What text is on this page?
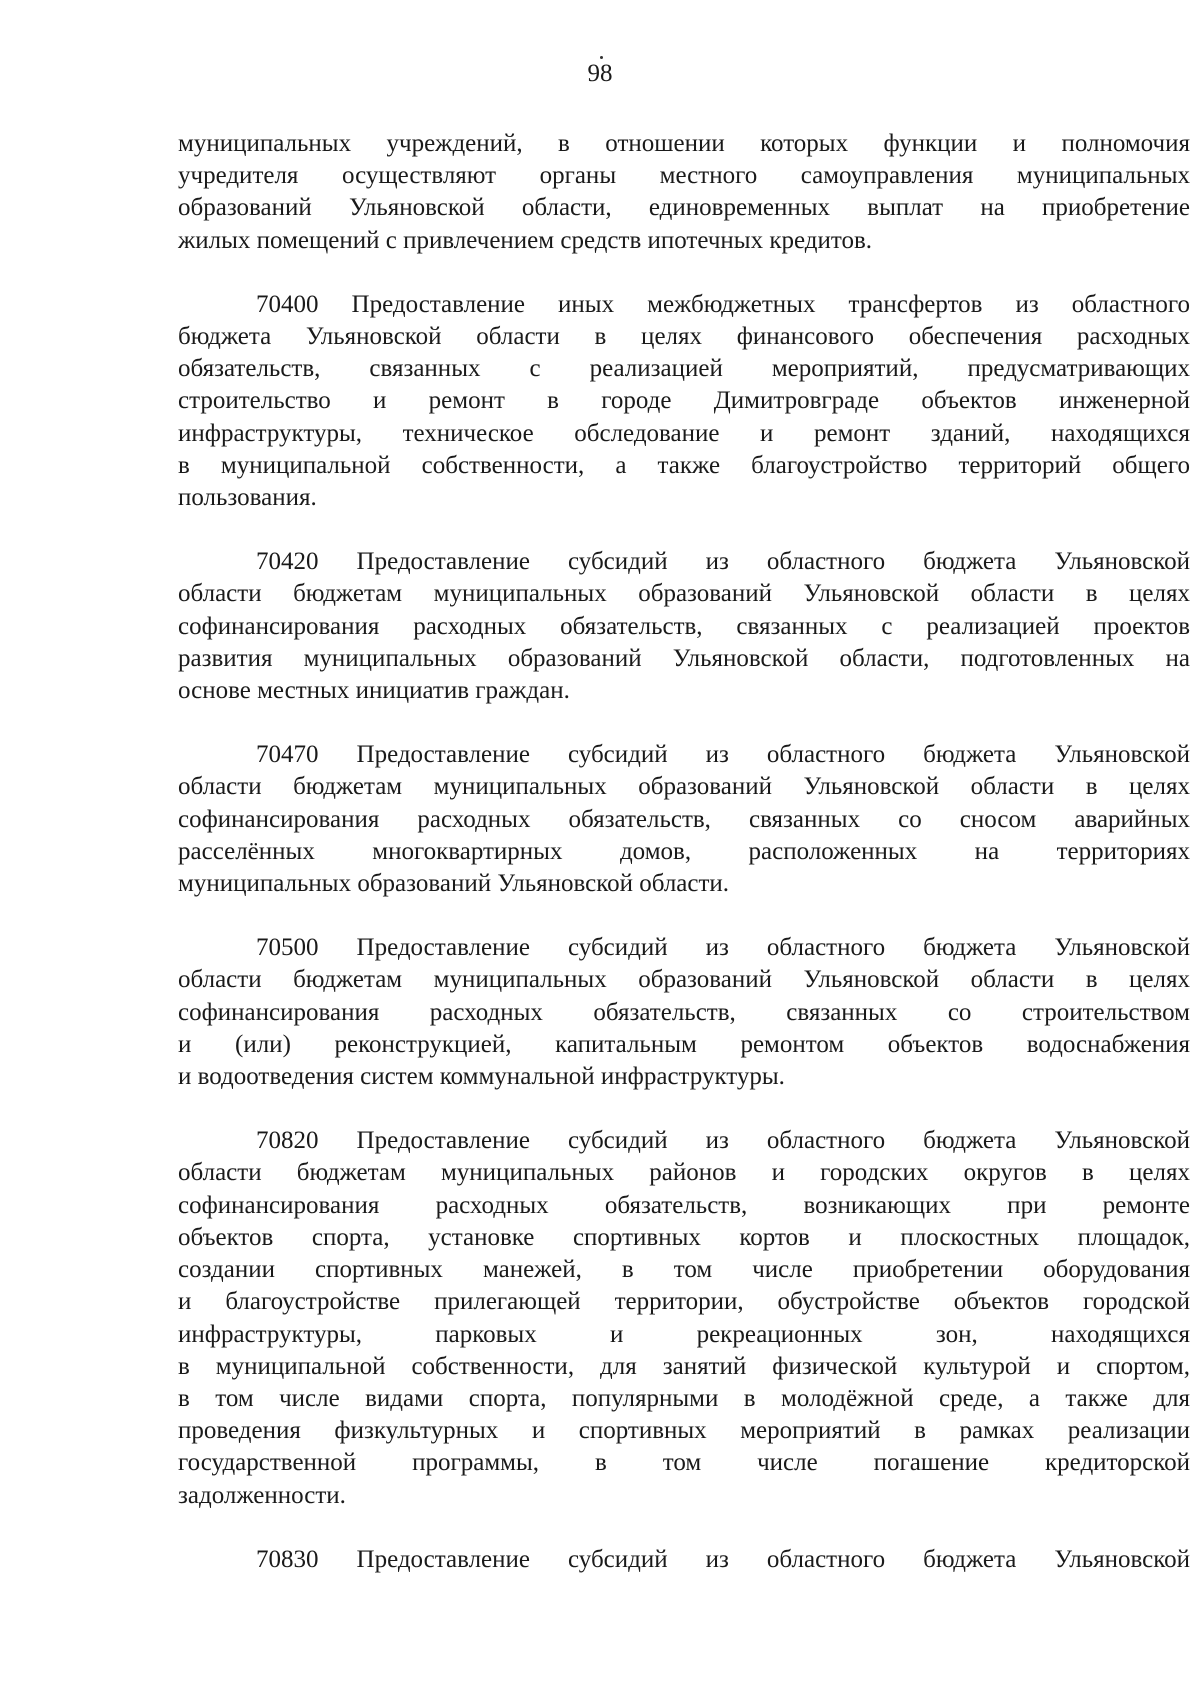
98
муниципальных учреждений, в отношении которых функции и полномочия
учредителя осуществляют органы местного самоуправления муниципальных
образований Ульяновской области, единовременных выплат на приобретение
жилых помещений с привлечением средств ипотечных кредитов.
70400 Предоставление иных межбюджетных трансфертов из областного
бюджета Ульяновской области в целях финансового обеспечения расходных
обязательств, связанных с реализацией мероприятий, предусматривающих
строительство и ремонт в городе Димитровграде объектов инженерной
инфраструктуры, техническое обследование и ремонт зданий, находящихся
в муниципальной собственности, а также благоустройство территорий общего
пользования.
70420 Предоставление субсидий из областного бюджета Ульяновской
области бюджетам муниципальных образований Ульяновской области в целях
софинансирования расходных обязательств, связанных с реализацией проектов
развития муниципальных образований Ульяновской области, подготовленных на
основе местных инициатив граждан.
70470 Предоставление субсидий из областного бюджета Ульяновской
области бюджетам муниципальных образований Ульяновской области в целях
софинансирования расходных обязательств, связанных со сносом аварийных
расселённых многоквартирных домов, расположенных на территориях
муниципальных образований Ульяновской области.
70500 Предоставление субсидий из областного бюджета Ульяновской
области бюджетам муниципальных образований Ульяновской области в целях
софинансирования расходных обязательств, связанных со строительством
и (или) реконструкцией, капитальным ремонтом объектов водоснабжения
и водоотведения систем коммунальной инфраструктуры.
70820 Предоставление субсидий из областного бюджета Ульяновской
области бюджетам муниципальных районов и городских округов в целях
софинансирования расходных обязательств, возникающих при ремонте
объектов спорта, установке спортивных кортов и плоскостных площадок,
создании спортивных манежей, в том числе приобретении оборудования
и благоустройстве прилегающей территории, обустройстве объектов городской
инфраструктуры, парковых и рекреационных зон, находящихся
в муниципальной собственности, для занятий физической культурой и спортом,
в том числе видами спорта, популярными в молодёжной среде, а также для
проведения физкультурных и спортивных мероприятий в рамках реализации
государственной программы, в том числе погашение кредиторской
задолженности.
70830 Предоставление субсидий из областного бюджета Ульяновской
